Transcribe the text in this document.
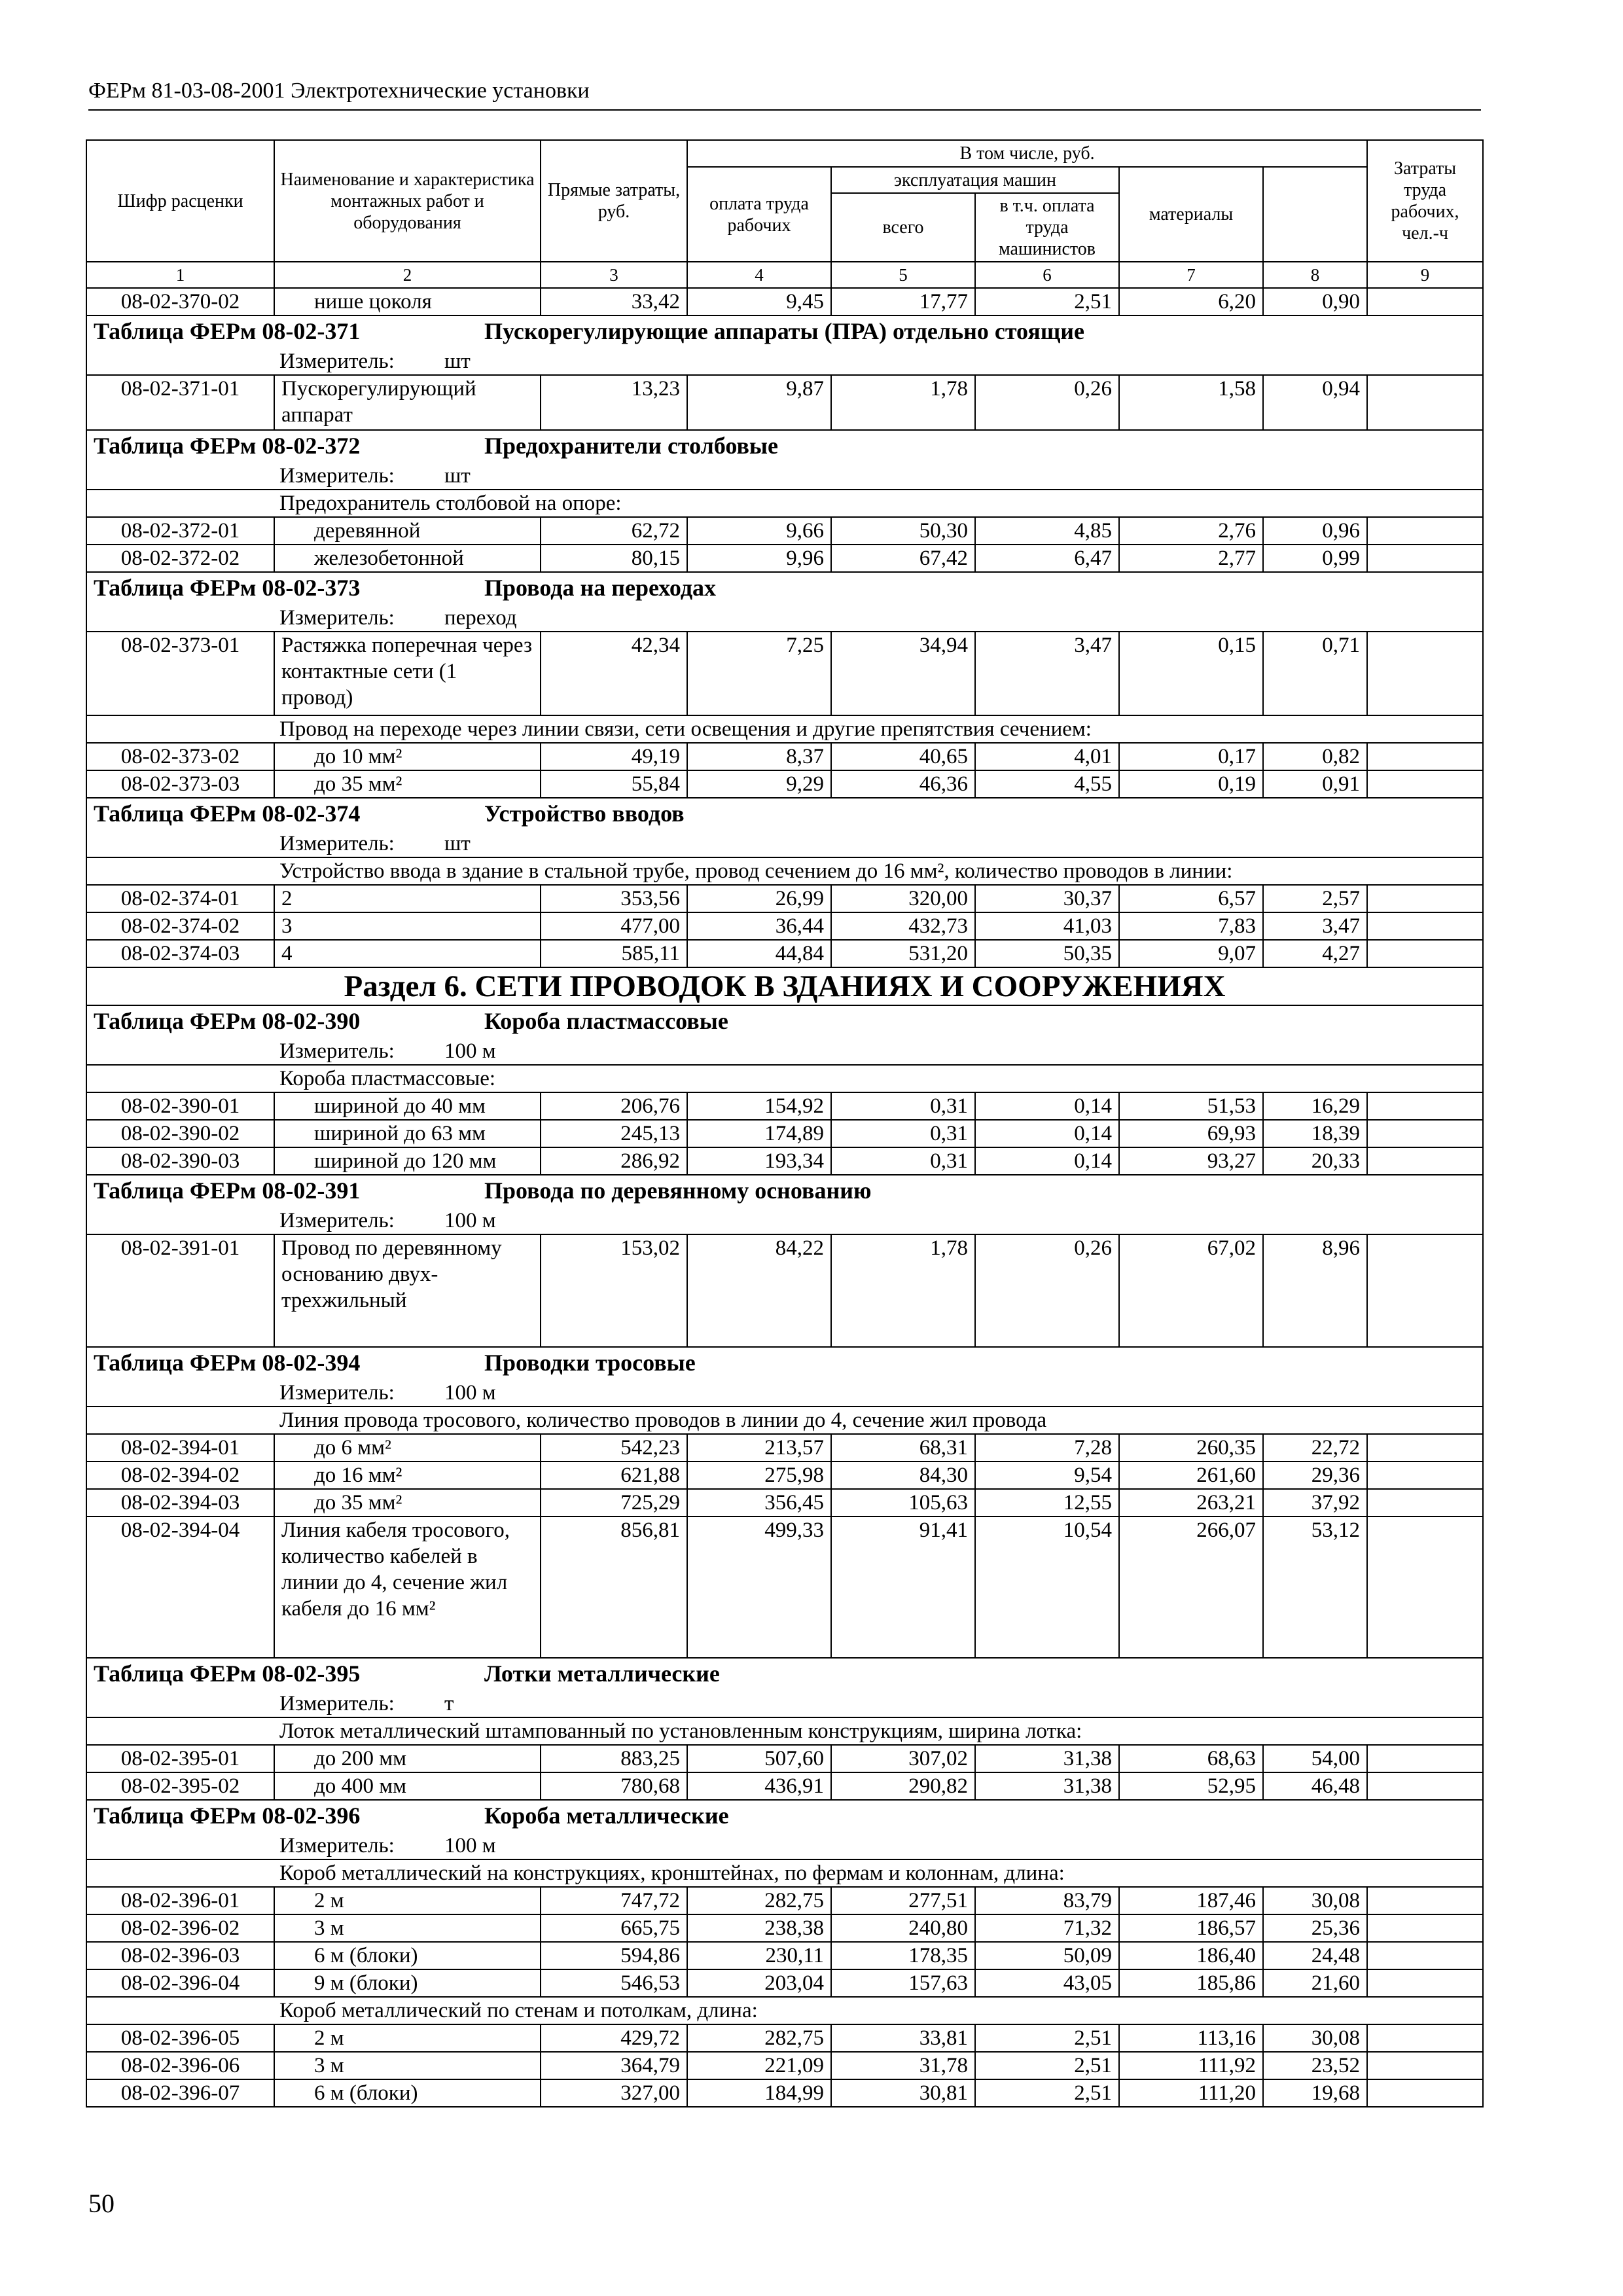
ФЕРм 81-03-08-2001 Электротехнические установки
Шифр расценки	Наименование и характеристика монтажных работ и оборудования	Прямые затраты, руб.	В том числе, руб.					Затраты труда рабочих, чел.-ч	
			оплата труда рабочих	эксплуатация машин		материалы			
				всего	в т.ч. оплата труда машинистов				
1	2	3	4	5	6	7	8	9	
08-02-370-02	нише цоколя	33,42	9,45	17,77	2,51	6,20	0,90		
Таблица ФЕРм 08-02-371 Пускорегулирующие аппараты (ПРА) отдельно стоящие									
Измеритель: шт									
08-02-371-01	Пускорегулирующий аппарат	13,23	9,87	1,78	0,26	1,58	0,94		
Таблица ФЕРм 08-02-372 Предохранители столбовые									
Измеритель: шт									
Предохранитель столбовой на опоре:									
08-02-372-01	деревянной	62,72	9,66	50,30	4,85	2,76	0,96		
08-02-372-02	железобетонной	80,15	9,96	67,42	6,47	2,77	0,99		
Таблица ФЕРм 08-02-373 Провода на переходах									
Измеритель: переход									
08-02-373-01	Растяжка поперечная через контактные сети (1 провод)	42,34	7,25	34,94	3,47	0,15	0,71		
Провод на переходе через линии связи, сети освещения и другие препятствия сечением:									
08-02-373-02	до 10 мм²	49,19	8,37	40,65	4,01	0,17	0,82		
08-02-373-03	до 35 мм²	55,84	9,29	46,36	4,55	0,19	0,91		
Таблица ФЕРм 08-02-374 Устройство вводов									
Измеритель: шт									
Устройство ввода в здание в стальной трубе, провод сечением до 16 мм², количество проводов в линии:									
08-02-374-01	2	353,56	26,99	320,00	30,37	6,57	2,57		
08-02-374-02	3	477,00	36,44	432,73	41,03	7,83	3,47		
08-02-374-03	4	585,11	44,84	531,20	50,35	9,07	4,27		
Раздел 6. СЕТИ ПРОВОДОК В ЗДАНИЯХ И СООРУЖЕНИЯХ									
Таблица ФЕРм 08-02-390 Короба пластмассовые									
Измеритель: 100 м									
Короба пластмассовые:									
08-02-390-01	шириной до 40 мм	206,76	154,92	0,31	0,14	51,53	16,29		
08-02-390-02	шириной до 63 мм	245,13	174,89	0,31	0,14	69,93	18,39		
08-02-390-03	шириной до 120 мм	286,92	193,34	0,31	0,14	93,27	20,33		
Таблица ФЕРм 08-02-391 Провода по деревянному основанию									
Измеритель: 100 м									
08-02-391-01	Провод по деревянному основанию двух-трехжильный	153,02	84,22	1,78	0,26	67,02	8,96		
Таблица ФЕРм 08-02-394 Проводки тросовые									
Измеритель: 100 м									
Линия провода тросового, количество проводов в линии до 4, сечение жил провода									
08-02-394-01	до 6 мм²	542,23	213,57	68,31	7,28	260,35	22,72		
08-02-394-02	до 16 мм²	621,88	275,98	84,30	9,54	261,60	29,36		
08-02-394-03	до 35 мм²	725,29	356,45	105,63	12,55	263,21	37,92		
08-02-394-04	Линия кабеля тросового, количество кабелей в линии до 4, сечение жил кабеля до 16 мм²	856,81	499,33	91,41	10,54	266,07	53,12		
Таблица ФЕРм 08-02-395 Лотки металлические									
Измеритель: т									
Лоток металлический штампованный по установленным конструкциям, ширина лотка:									
08-02-395-01	до 200 мм	883,25	507,60	307,02	31,38	68,63	54,00		
08-02-395-02	до 400 мм	780,68	436,91	290,82	31,38	52,95	46,48		
Таблица ФЕРм 08-02-396 Короба металлические									
Измеритель: 100 м									
Короб металлический на конструкциях, кронштейнах, по фермам и колоннам, длина:									
08-02-396-01	2 м	747,72	282,75	277,51	83,79	187,46	30,08		
08-02-396-02	3 м	665,75	238,38	240,80	71,32	186,57	25,36		
08-02-396-03	6 м (блоки)	594,86	230,11	178,35	50,09	186,40	24,48		
08-02-396-04	9 м (блоки)	546,53	203,04	157,63	43,05	185,86	21,60		
Короб металлический по стенам и потолкам, длина:									
08-02-396-05	2 м	429,72	282,75	33,81	2,51	113,16	30,08		
08-02-396-06	3 м	364,79	221,09	31,78	2,51	111,92	23,52		
08-02-396-07	6 м (блоки)	327,00	184,99	30,81	2,51	111,20	19,68		
50
